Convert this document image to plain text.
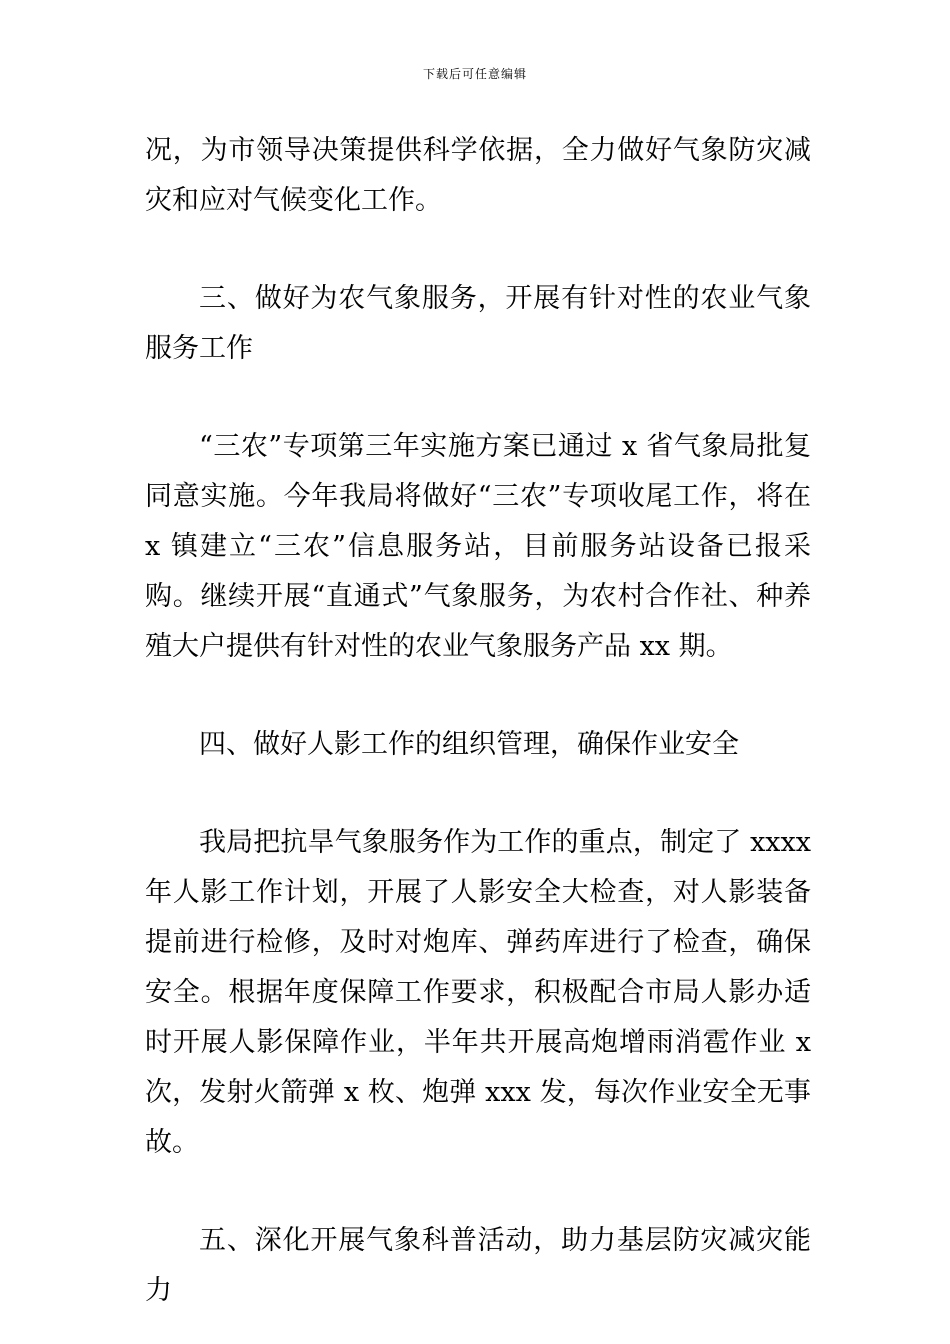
下载后可任意编辑

况，为市领导决策提供科学依据，全力做好气象防灾减灾和应对气候变化工作。

三、做好为农气象服务，开展有针对性的农业气象服务工作

“三农”专项第三年实施方案已通过 x 省气象局批复同意实施。今年我局将做好“三农”专项收尾工作，将在 x 镇建立“三农”信息服务站，目前服务站设备已报采购。继续开展“直通式”气象服务，为农村合作社、种养殖大户提供有针对性的农业气象服务产品 xx 期。

四、做好人影工作的组织管理，确保作业安全

我局把抗旱气象服务作为工作的重点，制定了 xxxx 年人影工作计划，开展了人影安全大检查，对人影装备提前进行检修，及时对炮库、弹药库进行了检查，确保安全。根据年度保障工作要求，积极配合市局人影办适时开展人影保障作业，半年共开展高炮增雨消雹作业 x 次，发射火箭弹 x 枚、炮弹 xxx 发，每次作业安全无事故。

五、深化开展气象科普活动，助力基层防灾减灾能力
